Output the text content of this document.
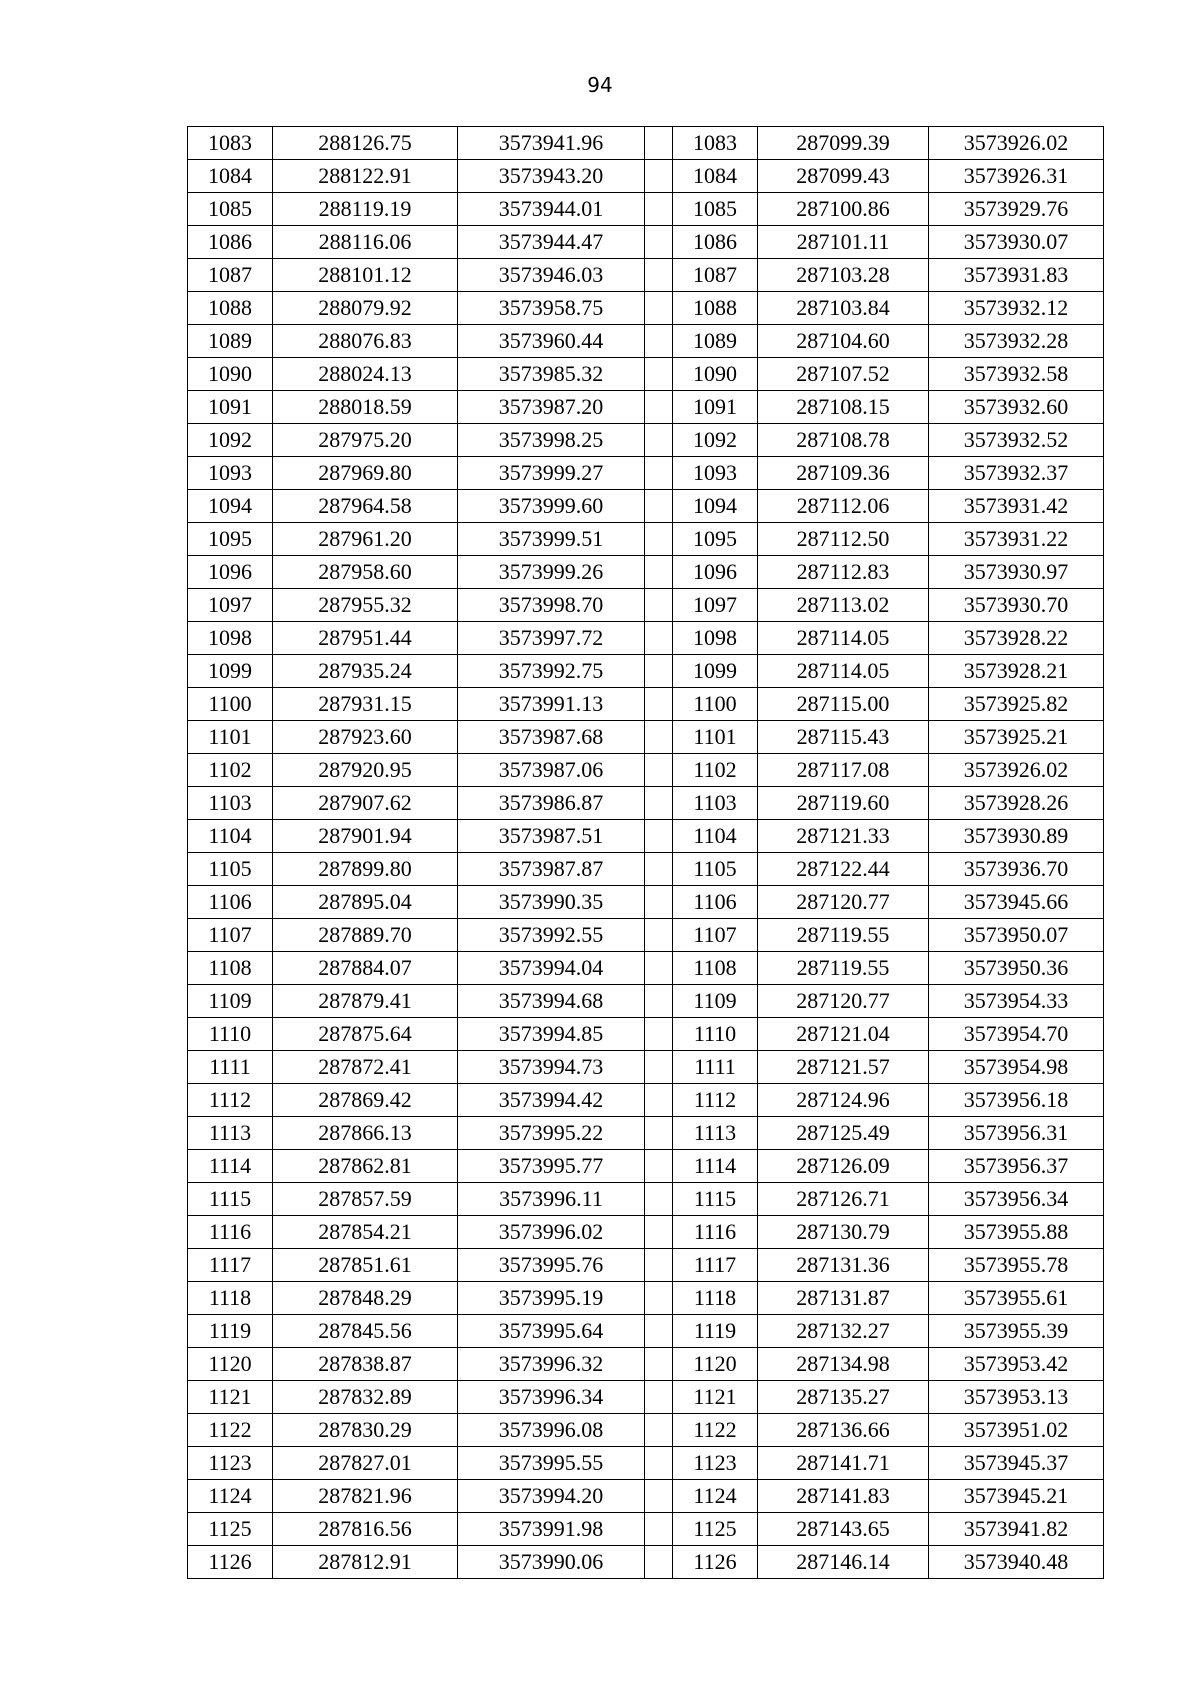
94
1083	288126.75	3573941.96		1083	287099.39	3573926.02
1084	288122.91	3573943.20		1084	287099.43	3573926.31
1085	288119.19	3573944.01		1085	287100.86	3573929.76
1086	288116.06	3573944.47		1086	287101.11	3573930.07
1087	288101.12	3573946.03		1087	287103.28	3573931.83
1088	288079.92	3573958.75		1088	287103.84	3573932.12
1089	288076.83	3573960.44		1089	287104.60	3573932.28
1090	288024.13	3573985.32		1090	287107.52	3573932.58
1091	288018.59	3573987.20		1091	287108.15	3573932.60
1092	287975.20	3573998.25		1092	287108.78	3573932.52
1093	287969.80	3573999.27		1093	287109.36	3573932.37
1094	287964.58	3573999.60		1094	287112.06	3573931.42
1095	287961.20	3573999.51		1095	287112.50	3573931.22
1096	287958.60	3573999.26		1096	287112.83	3573930.97
1097	287955.32	3573998.70		1097	287113.02	3573930.70
1098	287951.44	3573997.72		1098	287114.05	3573928.22
1099	287935.24	3573992.75		1099	287114.05	3573928.21
1100	287931.15	3573991.13		1100	287115.00	3573925.82
1101	287923.60	3573987.68		1101	287115.43	3573925.21
1102	287920.95	3573987.06		1102	287117.08	3573926.02
1103	287907.62	3573986.87		1103	287119.60	3573928.26
1104	287901.94	3573987.51		1104	287121.33	3573930.89
1105	287899.80	3573987.87		1105	287122.44	3573936.70
1106	287895.04	3573990.35		1106	287120.77	3573945.66
1107	287889.70	3573992.55		1107	287119.55	3573950.07
1108	287884.07	3573994.04		1108	287119.55	3573950.36
1109	287879.41	3573994.68		1109	287120.77	3573954.33
1110	287875.64	3573994.85		1110	287121.04	3573954.70
1111	287872.41	3573994.73		1111	287121.57	3573954.98
1112	287869.42	3573994.42		1112	287124.96	3573956.18
1113	287866.13	3573995.22		1113	287125.49	3573956.31
1114	287862.81	3573995.77		1114	287126.09	3573956.37
1115	287857.59	3573996.11		1115	287126.71	3573956.34
1116	287854.21	3573996.02		1116	287130.79	3573955.88
1117	287851.61	3573995.76		1117	287131.36	3573955.78
1118	287848.29	3573995.19		1118	287131.87	3573955.61
1119	287845.56	3573995.64		1119	287132.27	3573955.39
1120	287838.87	3573996.32		1120	287134.98	3573953.42
1121	287832.89	3573996.34		1121	287135.27	3573953.13
1122	287830.29	3573996.08		1122	287136.66	3573951.02
1123	287827.01	3573995.55		1123	287141.71	3573945.37
1124	287821.96	3573994.20		1124	287141.83	3573945.21
1125	287816.56	3573991.98		1125	287143.65	3573941.82
1126	287812.91	3573990.06		1126	287146.14	3573940.48
